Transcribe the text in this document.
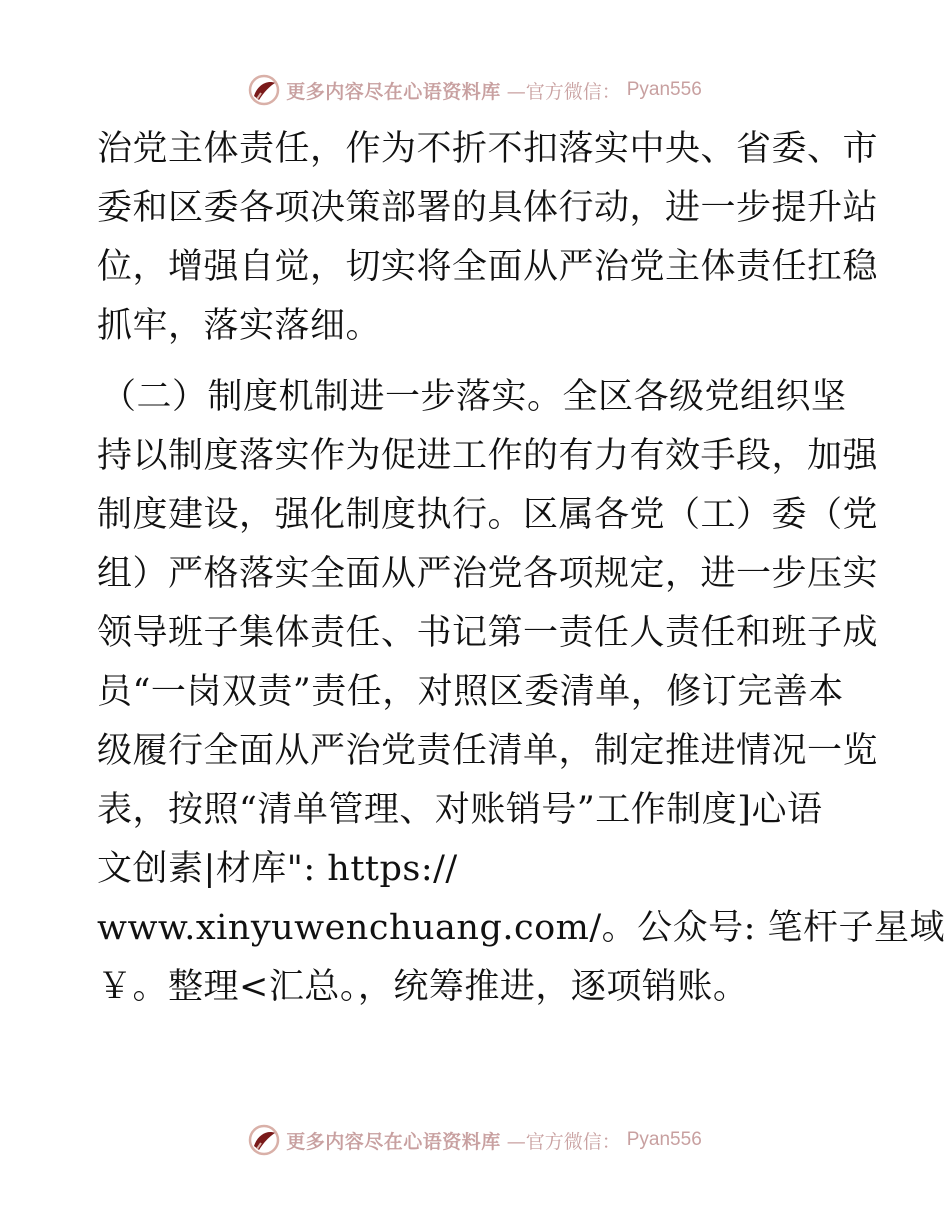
更多内容尽在心语资料库 —官方微信： Pyan556
治党主体责任，作为不折不扣落实中央、省委、市
委和区委各项决策部署的具体行动，进一步提升站
位，增强自觉，切实将全面从严治党主体责任扛稳
抓牢，落实落细。
（二）制度机制进一步落实。全区各级党组织坚
持以制度落实作为促进工作的有力有效手段，加强
制度建设，强化制度执行。区属各党（工）委（党
组）严格落实全面从严治党各项规定，进一步压实
领导班子集体责任、书记第一责任人责任和班子成
员“一岗双责”责任，对照区委清单，修订完善本
级履行全面从严治党责任清单，制定推进情况一览
表，按照“清单管理、对账销号”工作制度]心语
文创素|材库": https://
www.xinyuwenchuang.com/。公众号: 笔杆子星域
￥。整理<汇总。，统筹推进，逐项销账。
更多内容尽在心语资料库 —官方微信： Pyan556
